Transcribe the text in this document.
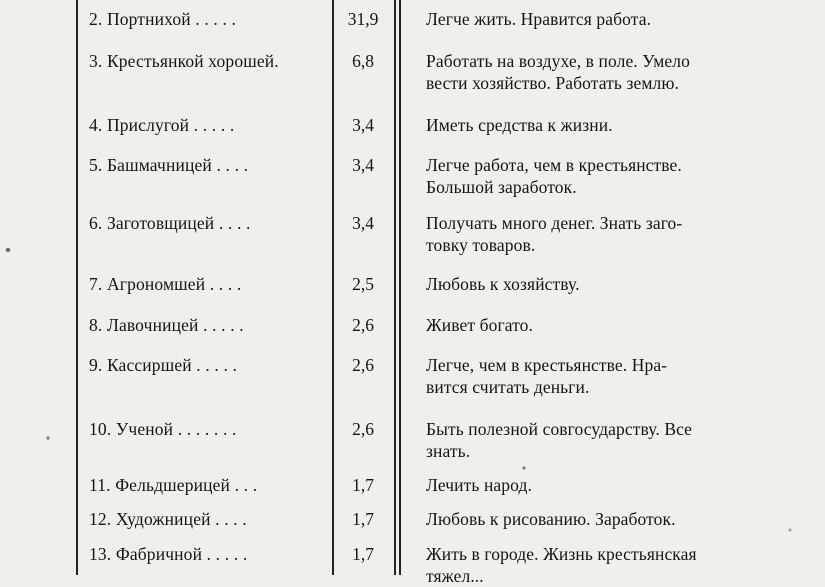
2. Портнихой . . . . .	31,9	Легче жить. Нравится работа.
3. Крестьянкой хорошей.	6,8	Работать на воздухе, в поле. Умело
вести хозяйство. Работать землю.
4. Прислугой . . . . .	3,4	Иметь средства к жизни.
5. Башмачницей . . . .	3,4	Легче работа, чем в крестьянстве.
Большой заработок.
6. Заготовщицей . . . .	3,4	Получать много денег. Знать заго-
товку товаров.
7. Агрономшей . . . .	2,5	Любовь к хозяйству.
8. Лавочницей . . . . .	2,6	Живет богато.
9. Кассиршей . . . . .	2,6	Легче, чем в крестьянстве. Нра-
вится считать деньги.
10. Ученой . . . . . . .	2,6	Быть полезной совгосударству. Все
знать.
11. Фельдшерицей . . .	1,7	Лечить народ.
12. Художницей . . . .	1,7	Любовь к рисованию. Заработок.
13. Фабричной . . . . .	1,7	Жить в городе. Жизнь крестьянская
тяжел...
